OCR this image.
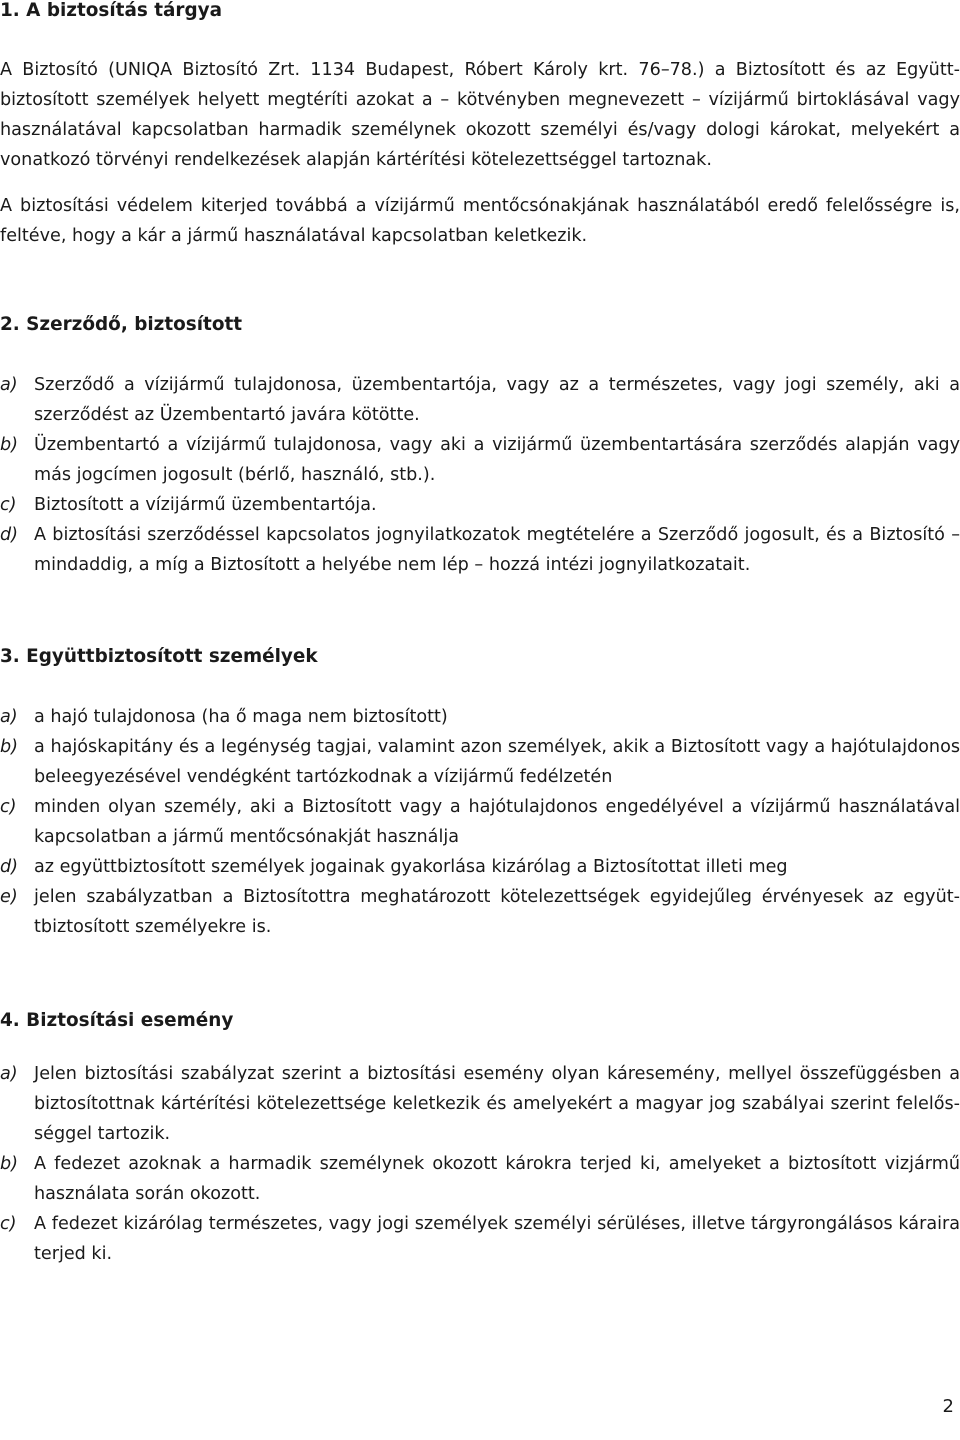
1. A biztosítás tárgya
A Biztosító (UNIQA Biztosító Zrt. 1134 Budapest, Róbert Károly krt. 76–78.) a Biztosított és az Együttbiztosított személyek helyett megtéríti azokat a – kötvényben megnevezett – vízijármű birtoklásával vagy használatával kapcsolatban harmadik személynek okozott személyi és/vagy dologi károkat, melyekért a vonatkozó törvényi rendelkezések alapján kártérítési kötelezettséggel tartoznak.
A biztosítási védelem kiterjed továbbá a vízijármű mentőcsónakjának használatából eredő felelősségre is, feltéve, hogy a kár a jármű használatával kapcsolatban keletkezik.
2. Szerződő, biztosított
a) Szerződő a vízijármű tulajdonosa, üzembentartója, vagy az a természetes, vagy jogi személy, aki a szerződést az Üzembentartó javára kötötte.
b) Üzembentartó a vízijármű tulajdonosa, vagy aki a vizijármű üzembentartására szerződés alapján vagy más jogcímen jogosult (bérlő, használó, stb.).
c) Biztosított a vízijármű üzembentartója.
d) A biztosítási szerződéssel kapcsolatos jognyilatkozatok megtételére a Szerződő jogosult, és a Biztosító – mindaddig, a míg a Biztosított a helyébe nem lép – hozzá intézi jognyilatkozatait.
3. Együttbiztosított személyek
a) a hajó tulajdonosa (ha ő maga nem biztosított)
b) a hajóskapitány és a legénység tagjai, valamint azon személyek, akik a Biztosított vagy a hajótulajdonos beleegyezésével vendégként tartózkodnak a vízijármű fedélzetén
c) minden olyan személy, aki a Biztosított vagy a hajótulajdonos engedélyével a vízijármű használatával kapcsolatban a jármű mentőcsónakját használja
d) az együttbiztosított személyek jogainak gyakorlása kizárólag a Biztosítottat illeti meg
e) jelen szabályzatban a Biztosítottra meghatározott kötelezettségek egyidejűleg érvényesek az együttbiztosított személyekre is.
4. Biztosítási esemény
a) Jelen biztosítási szabályzat szerint a biztosítási esemény olyan káresemény, mellyel összefüggésben a biztosítottnak kártérítési kötelezettsége keletkezik és amelyekért a magyar jog szabályai szerint felelősséggel tartozik.
b) A fedezet azoknak a harmadik személynek okozott károkra terjed ki, amelyeket a biztosított vizjármű használata során okozott.
c) A fedezet kizárólag természetes, vagy jogi személyek személyi sérüléses, illetve tárgyrongálásos káraira terjed ki.
2
